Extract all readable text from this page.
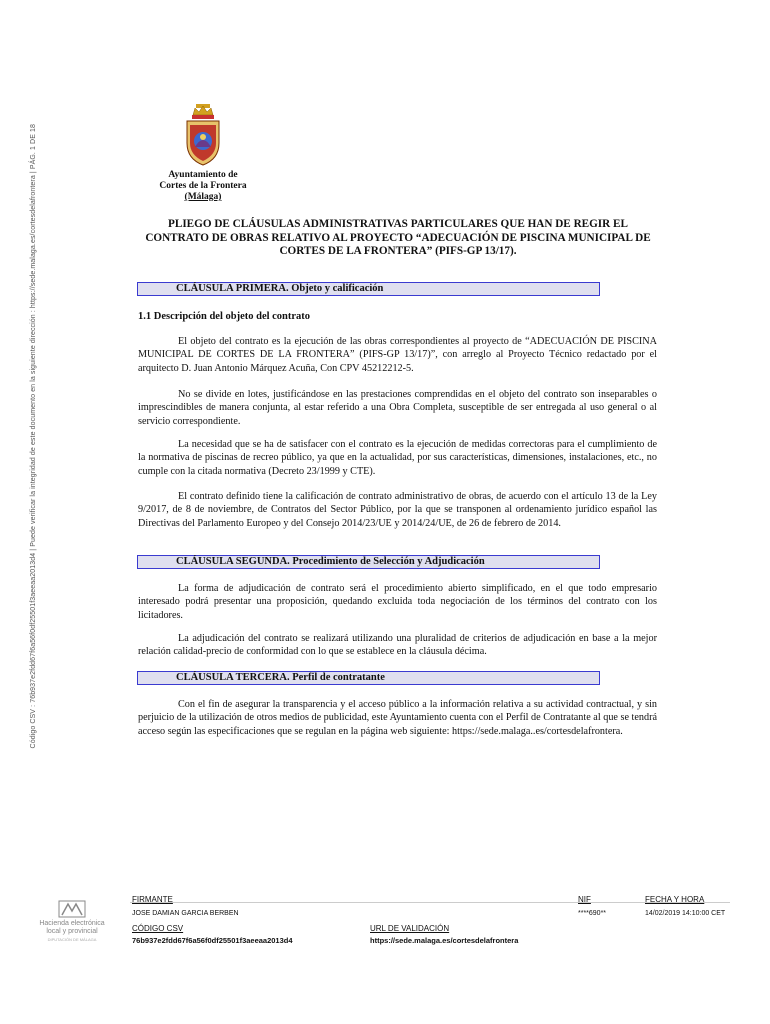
Código CSV : 76b937e2fdd67f6a56f0df25501f3aeeaa2013d4 | Puede verificar la integridad de este documento en la siguiente dirección : https://sede.malaga.es/cortesdelafrontera | PÁG. 1 DE 18	Ayuntamiento de
Cortes de la Frontera
(Málaga)
PLIEGO DE CLÁUSULAS ADMINISTRATIVAS PARTICULARES QUE HAN DE REGIR EL CONTRATO DE OBRAS RELATIVO AL PROYECTO “ADECUACIÓN DE PISCINA MUNICIPAL DE CORTES DE LA FRONTERA” (PIFS-GP 13/17).
CLÁUSULA PRIMERA. Objeto y calificación
1.1 Descripción del objeto del contrato
El objeto del contrato es la ejecución de las obras correspondientes al proyecto de “ADECUACIÓN DE PISCINA MUNICIPAL DE CORTES DE LA FRONTERA” (PIFS-GP 13/17)”, con arreglo al Proyecto Técnico redactado por el arquitecto D. Juan Antonio Márquez Acuña, Con CPV 45212212-5.
No se divide en lotes, justificándose en las prestaciones comprendidas en el objeto del contrato son inseparables o imprescindibles de manera conjunta, al estar referido a una Obra Completa, susceptible de ser entregada al uso general o al servicio correspondiente.
La necesidad que se ha de satisfacer con el contrato es la ejecución de medidas correctoras para el cumplimiento de la normativa de piscinas de recreo público, ya que en la actualidad, por sus características, dimensiones, instalaciones, etc., no cumple con la citada normativa (Decreto 23/1999 y CTE).
El contrato definido tiene la calificación de contrato administrativo de obras, de acuerdo con el artículo 13 de la Ley 9/2017, de 8 de noviembre, de Contratos del Sector Público, por la que se transponen al ordenamiento jurídico español las Directivas del Parlamento Europeo y del Consejo 2014/23/UE y 2014/24/UE, de 26 de febrero de 2014.
CLÁUSULA SEGUNDA. Procedimiento de Selección y Adjudicación
La forma de adjudicación de contrato será el procedimiento abierto simplificado, en el que todo empresario interesado podrá presentar una proposición, quedando excluida toda negociación de los términos del contrato con los licitadores.
La adjudicación del contrato se realizará utilizando una pluralidad de criterios de adjudicación en base a la mejor relación calidad-precio de conformidad con lo que se establece en la cláusula décima.
CLÁUSULA TERCERA. Perfil de contratante
Con el fin de asegurar la transparencia y el acceso público a la información relativa a su actividad contractual, y sin perjuicio de la utilización de otros medios de publicidad, este Ayuntamiento cuenta con el Perfil de Contratante al que se tendrá acceso según las especificaciones que se regulan en la página web siguiente: https://sede.malaga..es/cortesdelafrontera.
Hacienda electrónica local y provincial
DIPUTACIÓN DE MÁLAGA
FIRMANTE
JOSE DAMIAN GARCIA BERBEN
NIF
****690**
FECHA Y HORA
14/02/2019 14:10:00 CET
CÓDIGO CSV
76b937e2fdd67f6a56f0df25501f3aeeaa2013d4
URL DE VALIDACIÓN
https://sede.malaga.es/cortesdelafrontera
